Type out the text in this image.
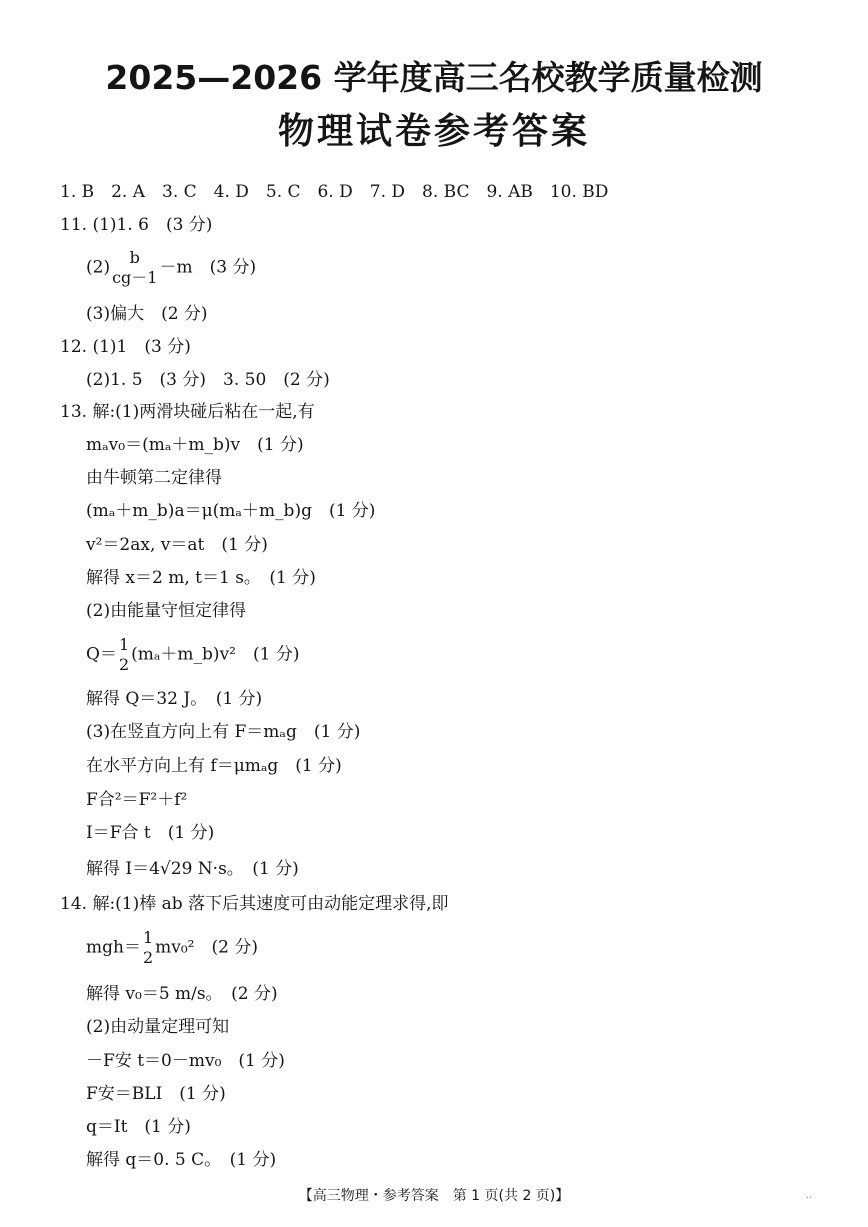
2025—2026 学年度高三名校教学质量检测
物理试卷参考答案
1. B　2. A　3. C　4. D　5. C　6. D　7. D　8. BC　9. AB　10. BD
11. (1)1. 6　(3 分)
(2)	b
cg－1 －m　(3 分)
(3)偏大　(2 分)
12. (1)1　(3 分)
(2)1. 5　(3 分)　3. 50　(2 分)
13. 解:(1)两滑块碰后粘在一起,有
mₐv₀＝(mₐ＋m_b)v　(1 分)
由牛顿第二定律得
(mₐ＋m_b)a＝μ(mₐ＋m_b)g　(1 分)
v²＝2ax, v＝at　(1 分)
解得 x＝2 m, t＝1 s。　(1 分)
(2)由能量守恒定律得
Q＝ 1
2 (mₐ＋m_b)v²　(1 分)
解得 Q＝32 J。　(1 分)
(3)在竖直方向上有 F＝mₐg　(1 分)
在水平方向上有 f＝μmₐg　(1 分)
F合²＝F²＋f²
I＝F合 t　(1 分)
解得 I＝4√29 N·s。　(1 分)
14. 解:(1)棒 ab 落下后其速度可由动能定理求得,即
mgh＝ 1
2 mv₀²　(2 分)
解得 v₀＝5 m/s。　(2 分)
(2)由动量定理可知
－F安 t＝0－mv₀　(1 分)
F安＝BLI　(1 分)
q＝It　(1 分)
解得 q＝0. 5 C。　(1 分)
【高三物理・参考答案　第 1 页(共 2 页)】	··
